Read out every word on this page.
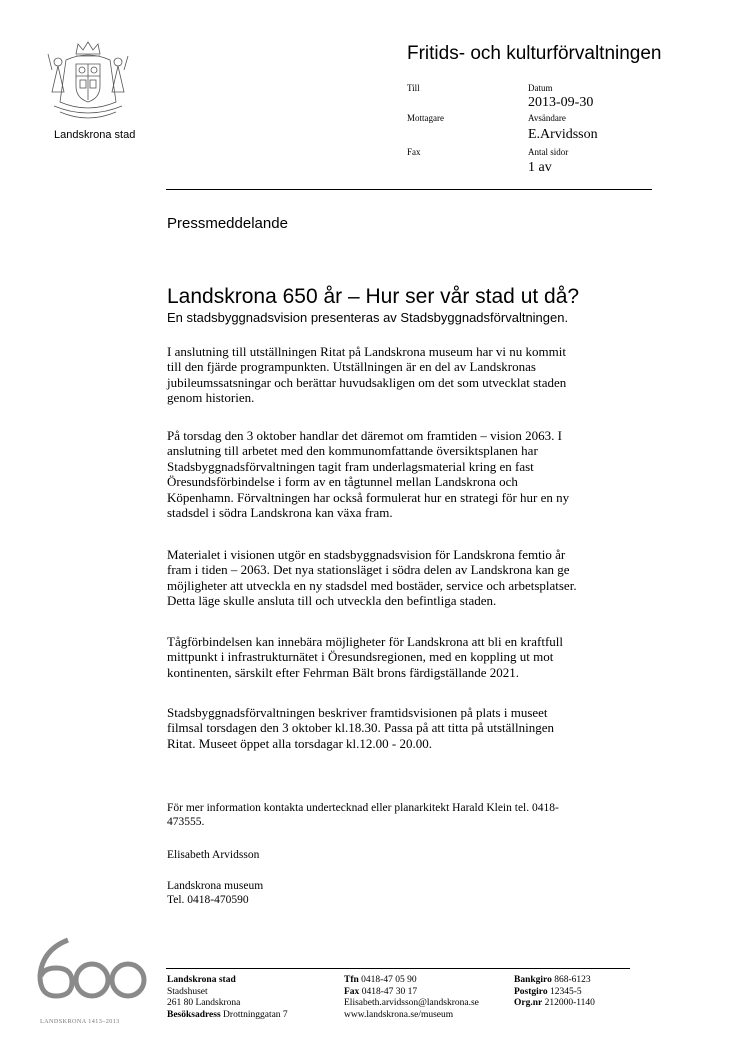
Landskrona stad
Fritids- och kulturförvaltningen
Till
Mottagare
Fax
Datum
2013-09-30
Avsändare
E.Arvidsson
Antal sidor
1 av
Pressmeddelande
Landskrona 650 år – Hur ser vår stad ut då?
En stadsbyggnadsvision presenteras av Stadsbyggnadsförvaltningen.
I anslutning till utställningen Ritat på Landskrona museum har vi nu kommit
till den fjärde programpunkten. Utställningen är en del av Landskronas
jubileumssatsningar och berättar huvudsakligen om det som utvecklat staden
genom historien.
På torsdag den 3 oktober handlar det däremot om framtiden – vision 2063. I
anslutning till arbetet med den kommunomfattande översiktsplanen har
Stadsbyggnadsförvaltningen tagit fram underlagsmaterial kring en fast
Öresundsförbindelse i form av en tågtunnel mellan Landskrona och
Köpenhamn. Förvaltningen har också formulerat hur en strategi för hur en ny
stadsdel i södra Landskrona kan växa fram.
Materialet i visionen utgör en stadsbyggnadsvision för Landskrona femtio år
fram i tiden – 2063. Det nya stationsläget i södra delen av Landskrona kan ge
möjligheter att utveckla en ny stadsdel med bostäder, service och arbetsplatser.
Detta läge skulle ansluta till och utveckla den befintliga staden.
Tågförbindelsen kan innebära möjligheter för Landskrona att bli en kraftfull
mittpunkt i infrastrukturnätet i Öresundsregionen, med en koppling ut mot
kontinenten, särskilt efter Fehrman Bält brons färdigställande 2021.
Stadsbyggnadsförvaltningen beskriver framtidsvisionen på plats i museet
filmsal torsdagen den 3 oktober kl.18.30. Passa på att titta på utställningen
Ritat. Museet öppet alla torsdagar kl.12.00 - 20.00.
För mer information kontakta undertecknad eller planarkitekt Harald Klein tel. 0418-
473555.
Elisabeth Arvidsson
Landskrona museum
Tel. 0418-470590
LANDSKRONA 1413–2013
Landskrona stad
Stadshuset
261 80 Landskrona
Besöksadress Drottninggatan 7
Tfn 0418-47 05 90
Fax 0418-47 30 17
Elisabeth.arvidsson@landskrona.se
www.landskrona.se/museum
Bankgiro 868-6123
Postgiro 12345-5
Org.nr 212000-1140
